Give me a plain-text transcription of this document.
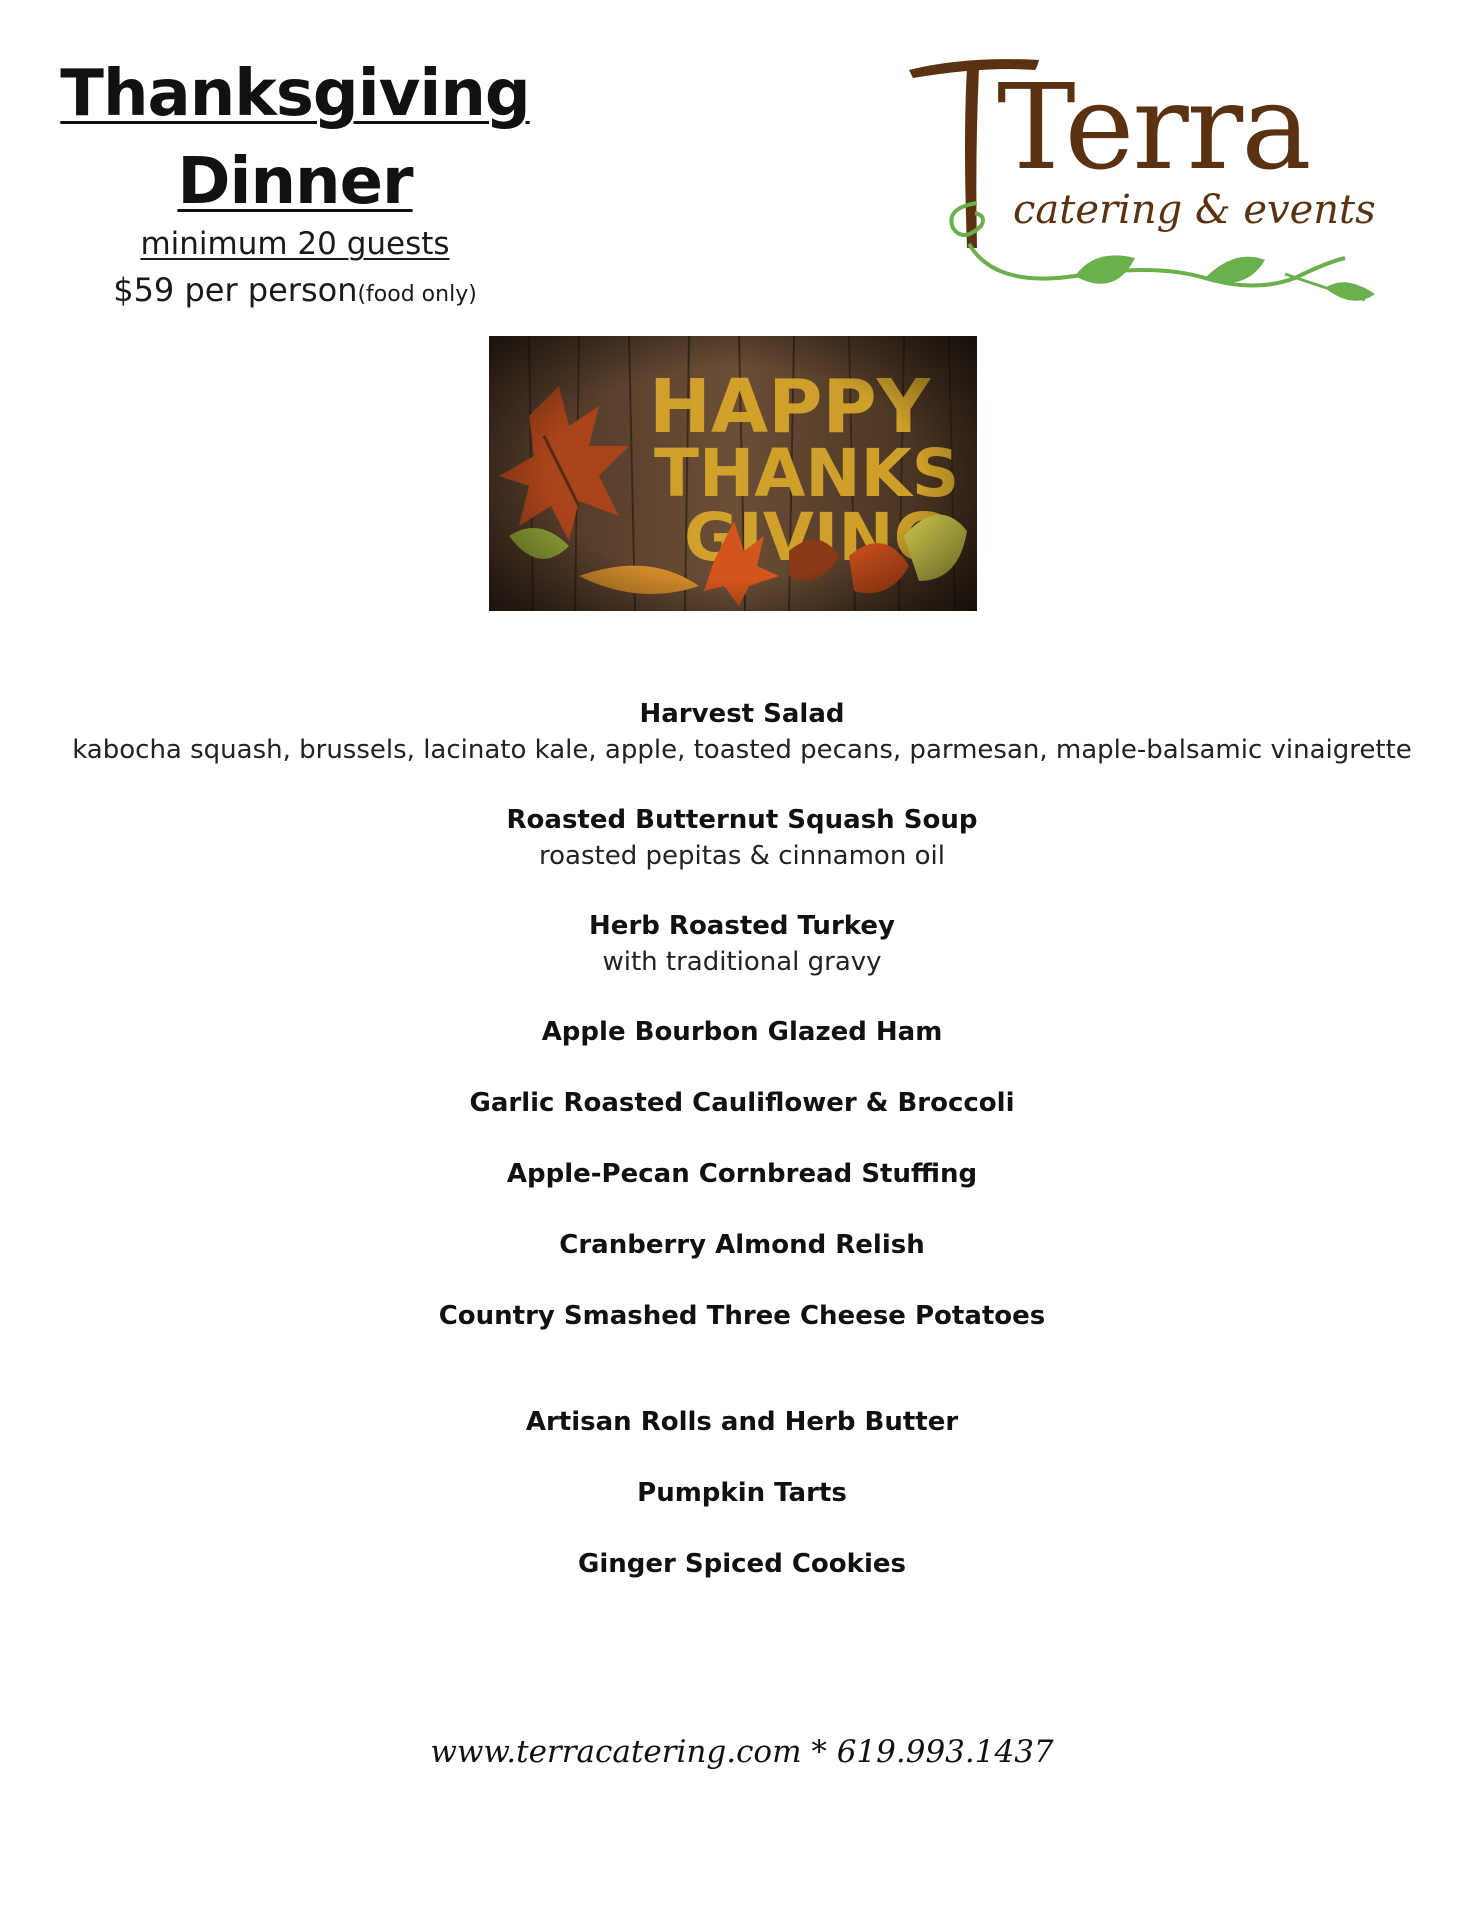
Thanksgiving
Dinner
minimum 20 guests
$59 per person(food only)
Terra
catering & events
Harvest Salad
kabocha squash, brussels, lacinato kale, apple, toasted pecans, parmesan, maple-balsamic vinaigrette
Roasted Butternut Squash Soup
roasted pepitas & cinnamon oil
Herb Roasted Turkey
with traditional gravy
Apple Bourbon Glazed Ham
Garlic Roasted Cauliflower & Broccoli
Apple-Pecan Cornbread Stuffing
Cranberry Almond Relish
Country Smashed Three Cheese Potatoes
Artisan Rolls and Herb Butter
Pumpkin Tarts
Ginger Spiced Cookies
www.terracatering.com * 619.993.1437
